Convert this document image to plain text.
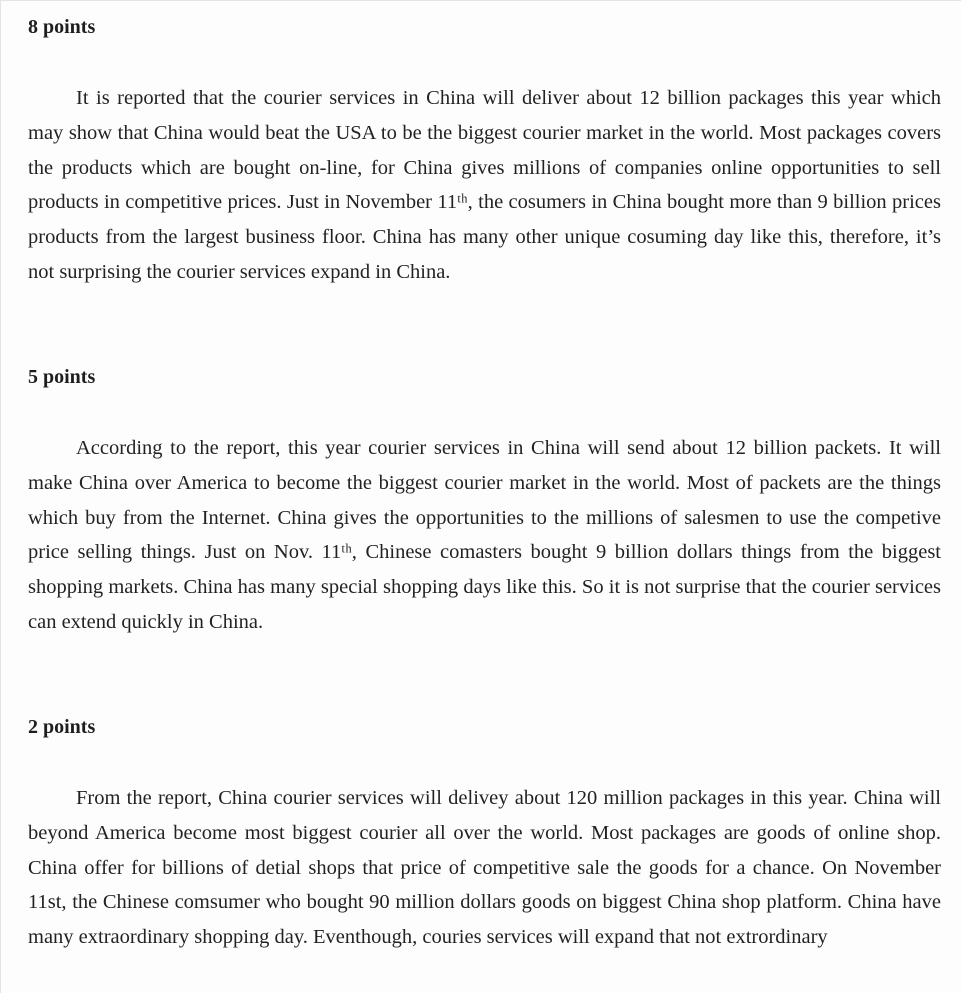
8 points

It is reported that the courier services in China will deliver about 12 billion packages this year which may show that China would beat the USA to be the biggest courier market in the world. Most packages covers the products which are bought on-line, for China gives millions of companies online opportunities to sell products in competitive prices. Just in November 11ᵗʰ, the cosumers in China bought more than 9 billion prices products from the largest business floor. China has many other unique cosuming day like this, therefore, it’s not surprising the courier services expand in China.

5 points

According to the report, this year courier services in China will send about 12 billion packets. It will make China over America to become the biggest courier market in the world. Most of packets are the things which buy from the Internet. China gives the opportunities to the millions of salesmen to use the competive price selling things. Just on Nov. 11ᵗʰ, Chinese comasters bought 9 billion dollars things from the biggest shopping markets. China has many special shopping days like this. So it is not surprise that the courier services can extend quickly in China.

2 points

From the report, China courier services will delivey about 120 million packages in this year. China will beyond America become most biggest courier all over the world. Most packages are goods of online shop. China offer for billions of detial shops that price of competitive sale the goods for a chance. On November 11st, the Chinese comsumer who bought 90 million dollars goods on biggest China shop platform. China have many extraordinary shopping day. Eventhough, couries services will expand that not extrordinary
